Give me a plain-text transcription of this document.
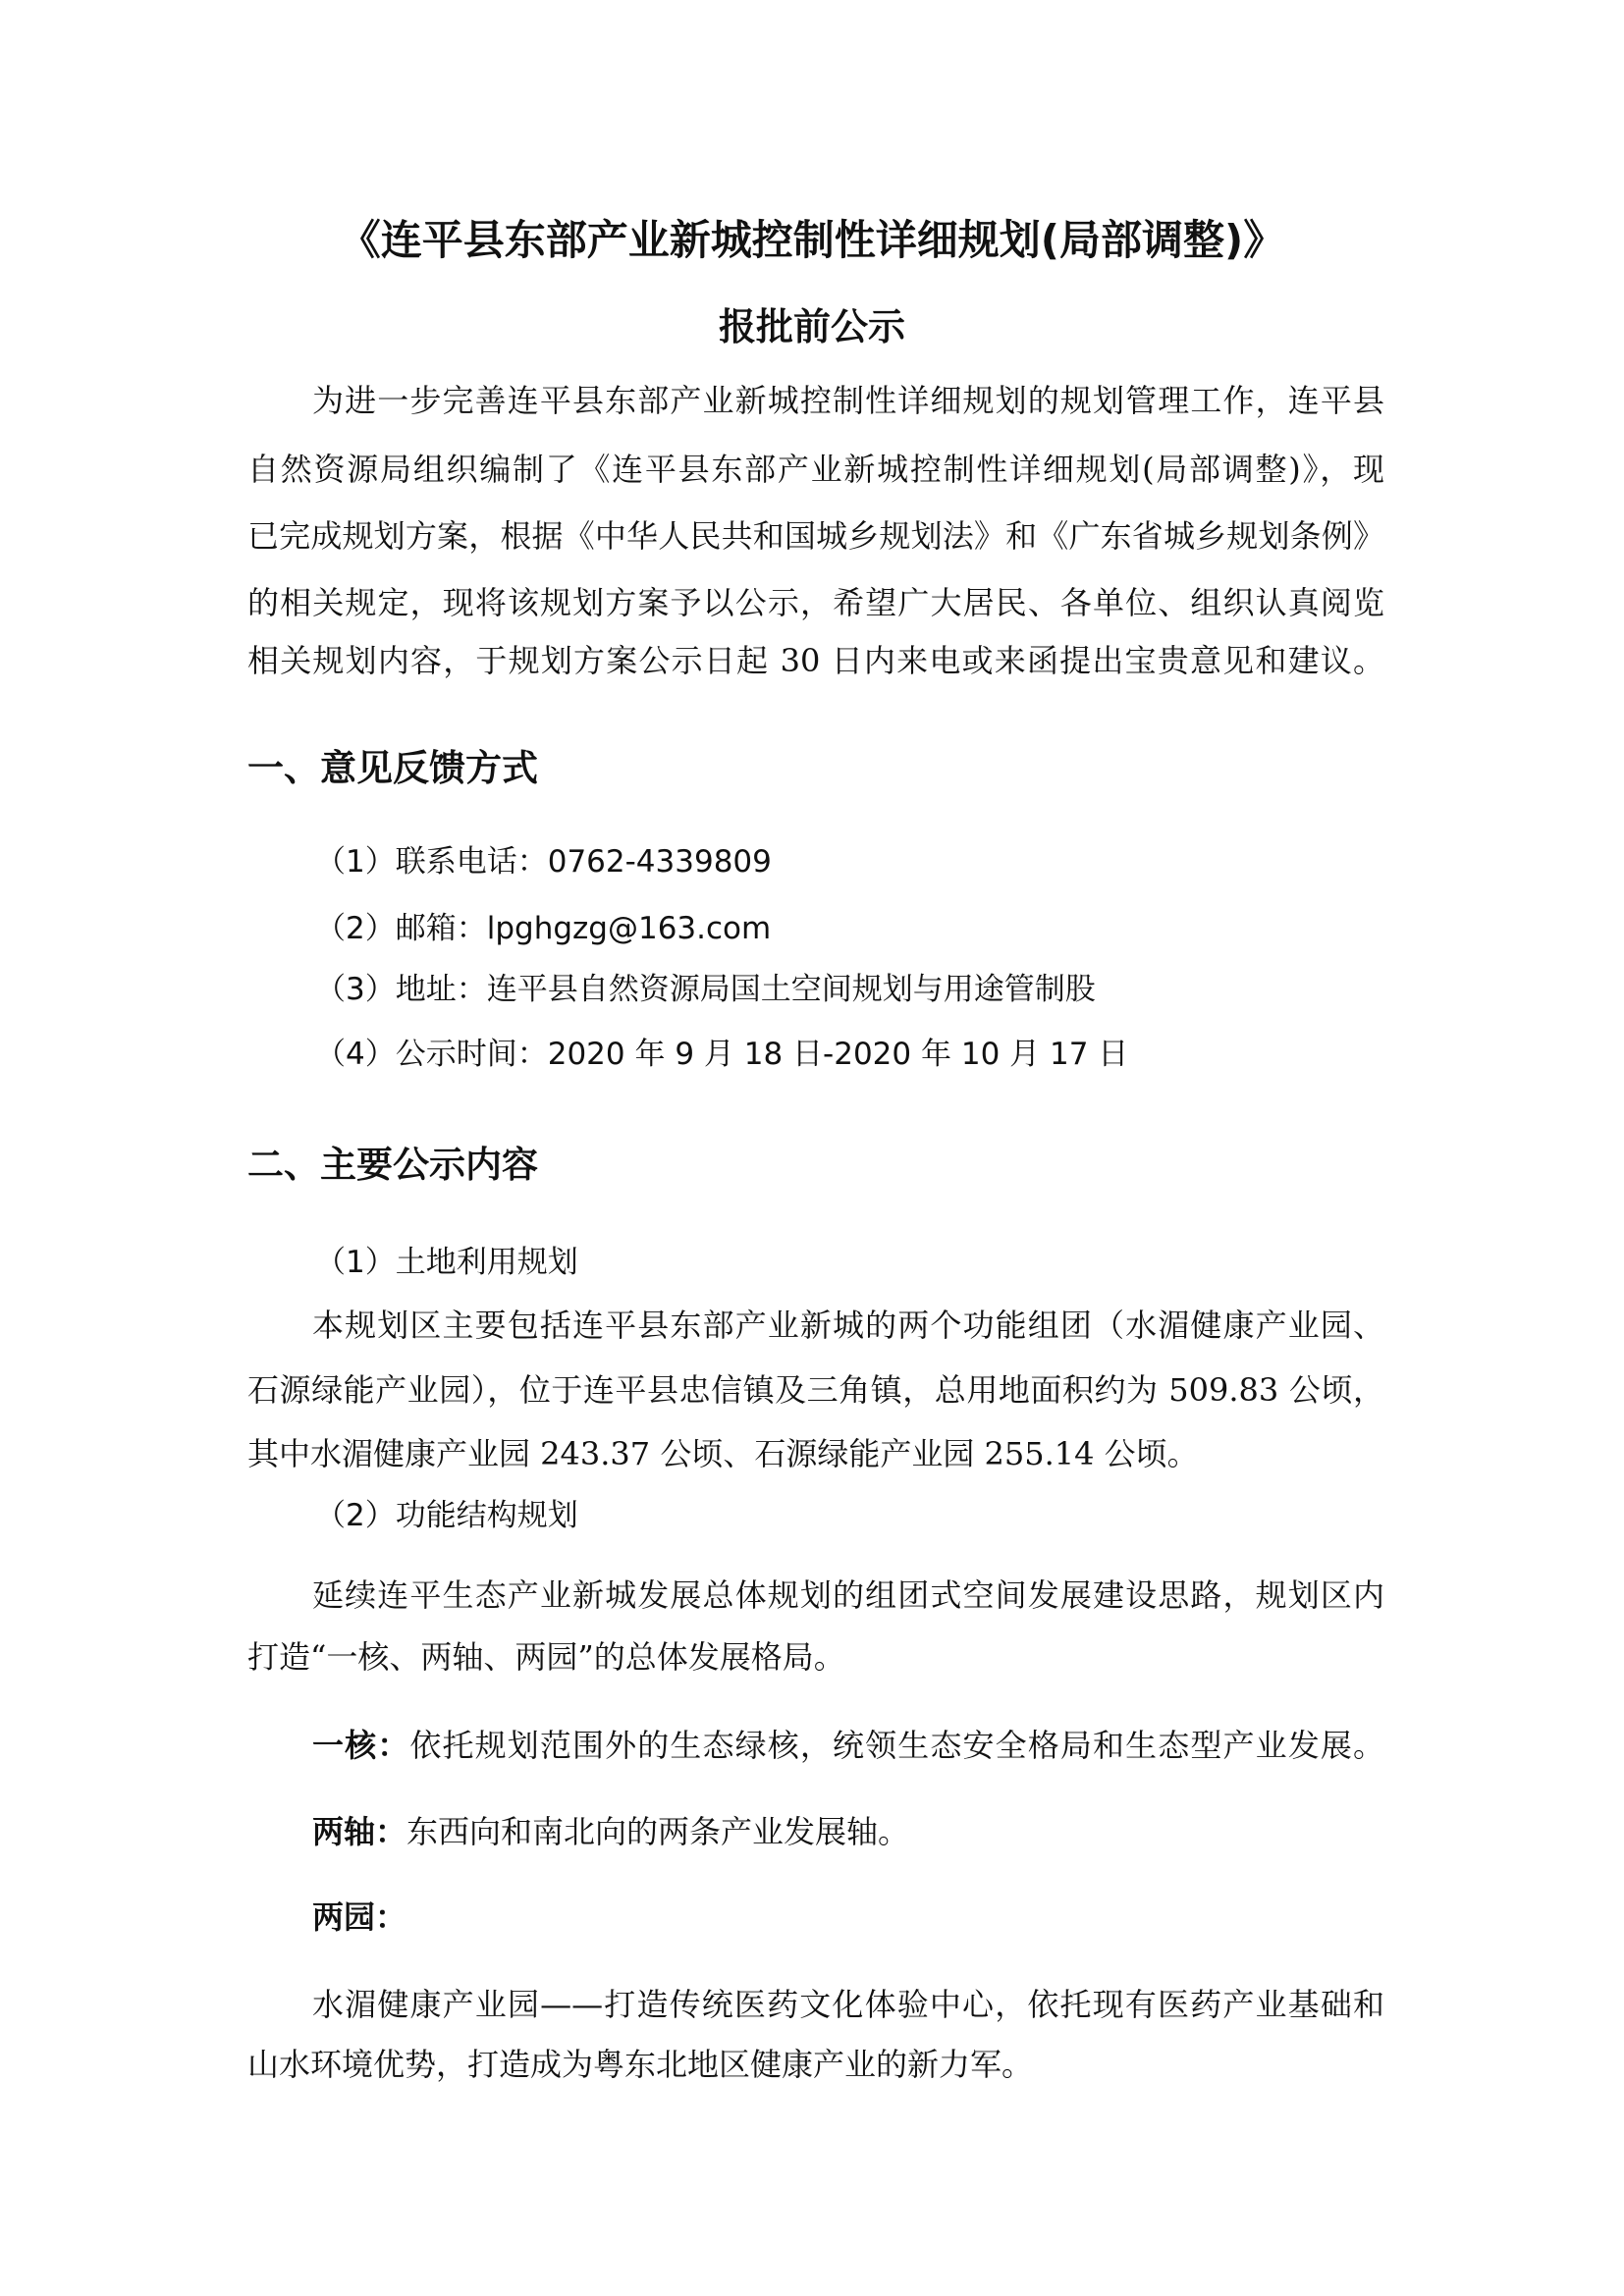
《连平县东部产业新城控制性详细规划(局部调整)》
报批前公示
为进一步完善连平县东部产业新城控制性详细规划的规划管理工作，连平县
自然资源局组织编制了《连平县东部产业新城控制性详细规划(局部调整)》，现
已完成规划方案，根据《中华人民共和国城乡规划法》和《广东省城乡规划条例》
的相关规定，现将该规划方案予以公示，希望广大居民、各单位、组织认真阅览
相关规划内容，于规划方案公示日起 30 日内来电或来函提出宝贵意见和建议。
一、意见反馈方式
（1）联系电话：0762-4339809
（2）邮箱：lpghgzg@163.com
（3）地址：连平县自然资源局国土空间规划与用途管制股
（4）公示时间：2020 年 9 月 18 日-2020 年 10 月 17 日
二、主要公示内容
（1）土地利用规划
本规划区主要包括连平县东部产业新城的两个功能组团（水湄健康产业园、
石源绿能产业园），位于连平县忠信镇及三角镇，总用地面积约为 509.83 公顷，
其中水湄健康产业园 243.37 公顷、石源绿能产业园 255.14 公顷。
（2）功能结构规划
延续连平生态产业新城发展总体规划的组团式空间发展建设思路，规划区内
打造“一核、两轴、两园”的总体发展格局。
一核：依托规划范围外的生态绿核，统领生态安全格局和生态型产业发展。
两轴：东西向和南北向的两条产业发展轴。
两园：
水湄健康产业园——打造传统医药文化体验中心，依托现有医药产业基础和
山水环境优势，打造成为粤东北地区健康产业的新力军。
